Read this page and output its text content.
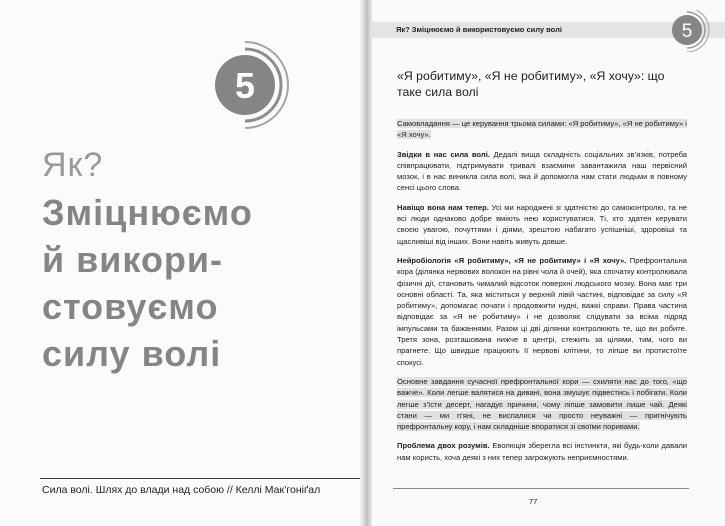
5
Як?
Зміцнюємо
й викори-
стовуємо
силу волі
Сила волі. Шлях до влади над собою // Келлі Мак’гоніґал
Як? Зміцнюємо й використовуємо силу волі	5
«Я робитиму», «Я не робитиму», «Я хочу»: що таке сила волі
Самовладання — це керування трьома силами: «Я робитиму», «Я не робитиму» і «Я хочу».
Звідки в нас сила волі. Дедалі вища складність соціальних зв’язків, потреба співпрацювати, підтримувати тривалі взаємини завантажила наш первісний мозок, і в нас виникла сила волі, яка й допомогла нам стати людьми в повному сенсі цього слова.
Навіщо вона нам тепер. Усі ми народжені зі здатністю до самоконтролю, та не всі люди однаково добре вміють нею користуватися. Ті, хто здатен керувати своєю увагою, почуттями і діями, зрештою набагато успішніші, здоровіші та щасливіші від інших. Вони навіть живуть довше.
Нейробіологія «Я робитиму», «Я не робитиму» і «Я хочу». Префронтальна кора (ділянка нервових волокон на рівні чола й очей), яка спочатку контролювала фізичні дії, становить чималий відсоток поверхні людського мозку. Вона має три основні області. Та, яка міститься у верхній лівій частині, відповідає за силу «Я робитиму», допомагає почати і продовжити нудні, важкі справи. Права частина відповідає за «Я не робитиму» і не дозволяє слідувати за всіма підряд імпульсами та бажаннями. Разом ці дві ділянки контролюють те, що ви робите. Третя зона, розташована нижче в центрі, стежить за цілями, тим, чого ви прагнете. Що швидше працюють її нервові клітини, то ліпше ви протистоїте спокусі.
Основне завдання сучасної префронтальної кори — схиляти нас до того, «що важче». Коли легше валятися на дивані, вона змушує підвестись і побігати. Коли легше з’їсти десерт, нагадує причини, чому ліпше замовити лише чай. Деякі стани — ми п’яні, не виспалися чи просто неуважні — пригнічують префронтальну кору, і нам складніше впоратися зі своїми поривами.
Проблема двох розумів. Еволюція зберегла всі інстинкти, які будь-коли давали нам користь, хоча деякі з них тепер загрожують неприємностями.
77
